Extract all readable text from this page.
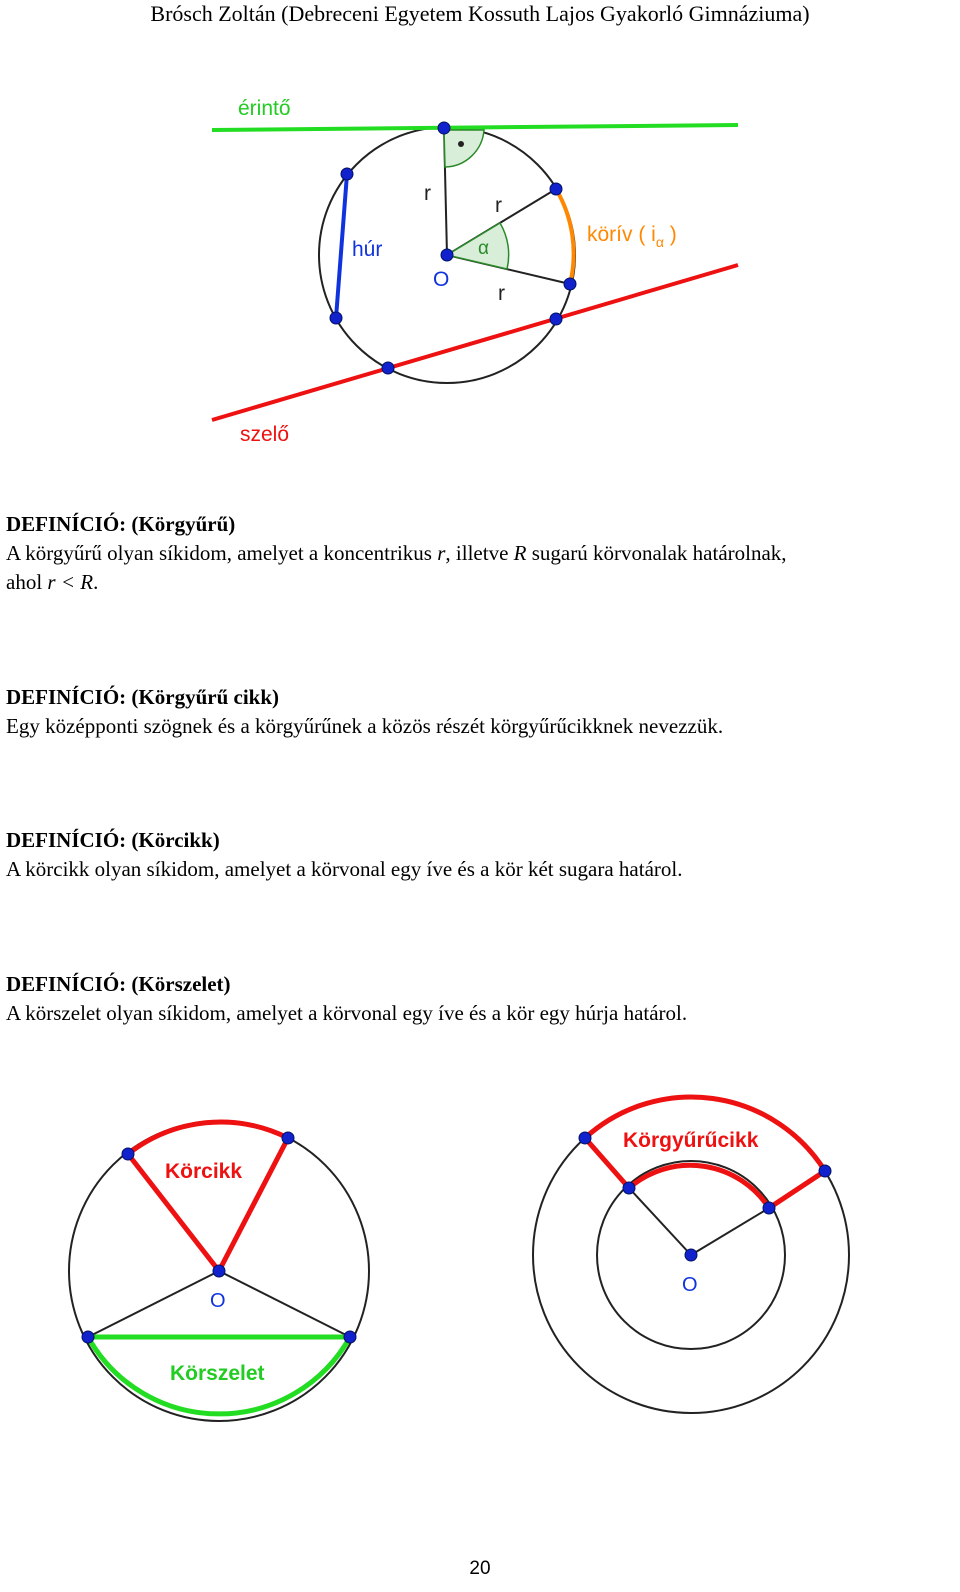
Brósch Zoltán (Debreceni Egyetem Kossuth Lajos Gyakorló Gimnáziuma)
érintő
húr
körív ( $i_\alpha$ )
O
szelő
r
r
r
α
DEFINÍCIÓ: (Körgyűrű)
A körgyűrű olyan síkidom, amelyet a koncentrikus r, illetve R sugarú körvonalak határolnak,
ahol r < R.
DEFINÍCIÓ: (Körgyűrű cikk)
Egy középponti szögnek és a körgyűrűnek a közös részét körgyűrűcikknek nevezzük.
DEFINÍCIÓ: (Körcikk)
A körcikk olyan síkidom, amelyet a körvonal egy íve és a kör két sugara határol.
DEFINÍCIÓ: (Körszelet)
A körszelet olyan síkidom, amelyet a körvonal egy íve és a kör egy húrja határol.
Körcikk
O
Körszelet
Körgyűrűcikk
O
20
